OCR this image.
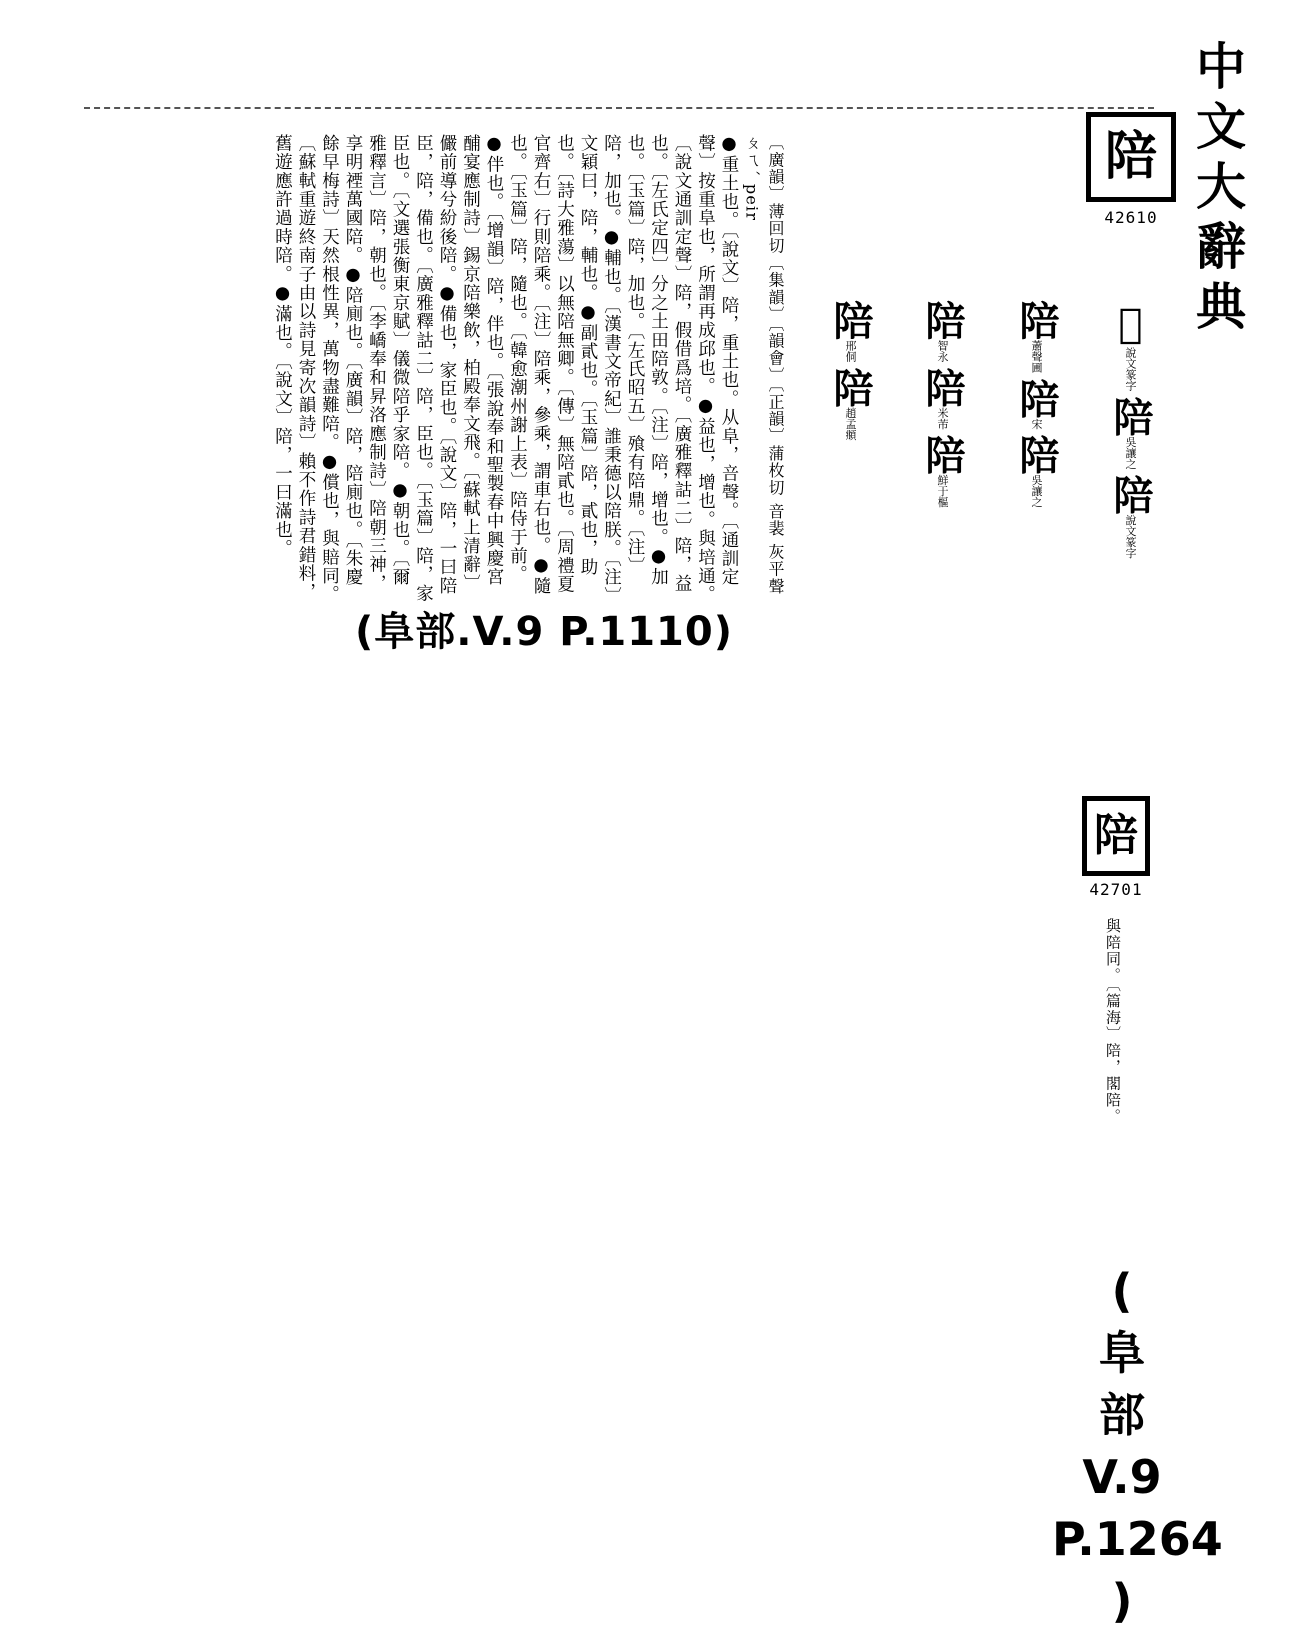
中文大辭典
陪
42610
𨹖說文篆字 陪吳讓之 陪說文篆字
陪蕭聲圃 陪宋 陪吳讓之
陪智永 陪米芾 陪鮮于樞
陪邢侗 陪趙孟頫

〔廣韻〕薄回切〔集韻〕〔韻會〕〔正韻〕蒲枚切 音裴 灰平聲 ㄆㄟˊ peir

●重土也。〔說文〕陪，重土也。从阜，咅聲。〔通訓定聲〕按重阜也，所謂再成邱也。●益也，增也。與培通。〔說文通訓定聲〕陪，假借爲培。〔廣雅釋詁二〕陪，益也。〔左氏定四〕分之土田陪敦。〔注〕陪，增也。●加也。〔玉篇〕陪，加也。〔左氏昭五〕飱有陪鼎。〔注〕陪，加也。●輔也。〔漢書文帝紀〕誰秉德以陪朕。〔注〕文穎曰，陪，輔也。●副貳也。〔玉篇〕陪，貳也，助也。〔詩大雅蕩〕以無陪無卿。〔傳〕無陪貳也。〔周禮夏官齊右〕行則陪乘。〔注〕陪乘，參乘，謂車右也。●隨也。〔玉篇〕陪，隨也。〔韓愈潮州謝上表〕陪侍于前。●伴也。〔增韻〕陪，伴也。〔張說奉和聖製春中興慶宮酺宴應制詩〕錫京陪樂飲，柏殿奉文飛。〔蘇軾上清辭〕儼前導兮紛後陪。●備也，家臣也。〔說文〕陪，一曰陪臣，陪，備也。〔廣雅釋詁二〕陪，臣也。〔玉篇〕陪，家臣也。〔文選張衡東京賦〕儀微陪乎家陪。●朝也。〔爾雅釋言〕陪，朝也。〔李嶠奉和昇洛應制詩〕陪朝三神，享明禋萬國陪。●陪廁也。〔廣韻〕陪，陪廁也。〔朱慶餘早梅詩〕天然根性異，萬物盡難陪。●償也，與賠同。〔蘇軾重遊終南子由以詩見寄次韻詩〕賴不作詩君錯料，舊遊應許過時陪。●滿也。〔說文〕陪，一曰滿也。

(阜部.V.9 P.1110)
陪
42701
與陪同。〔篇海〕陪，閣陪。
(
阜
部
V.9
P.1264
)
